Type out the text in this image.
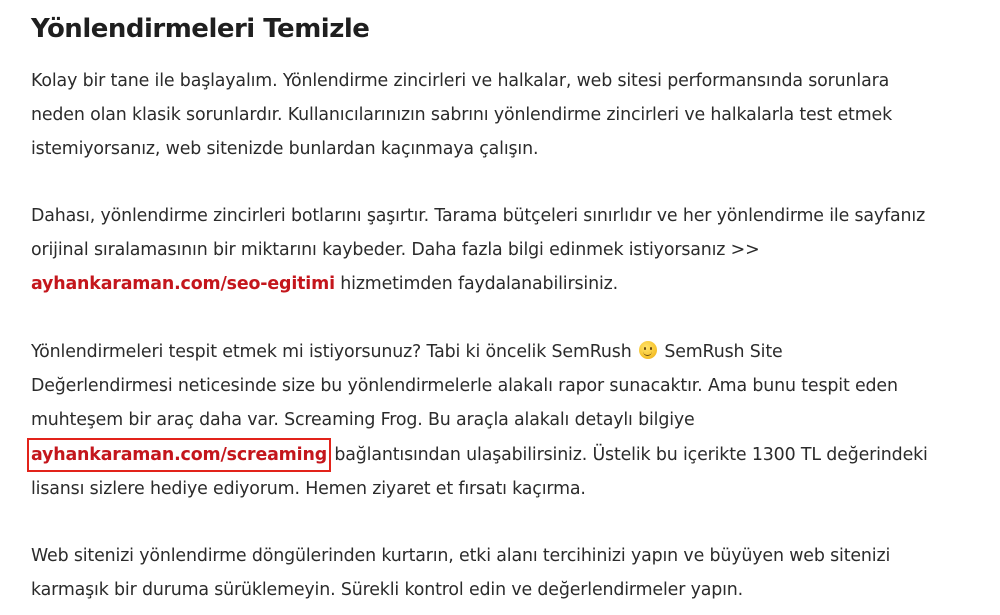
Yönlendirmeleri Temizle

Kolay bir tane ile başlayalım. Yönlendirme zincirleri ve halkalar, web sitesi performansında sorunlara
neden olan klasik sorunlardır. Kullanıcılarınızın sabrını yönlendirme zincirleri ve halkalarla test etmek
istemiyorsanız, web sitenizde bunlardan kaçınmaya çalışın.

Dahası, yönlendirme zincirleri botlarını şaşırtır. Tarama bütçeleri sınırlıdır ve her yönlendirme ile sayfanız
orijinal sıralamasının bir miktarını kaybeder. Daha fazla bilgi edinmek istiyorsanız >>
ayhankaraman.com/seo-egitimi hizmetimden faydalanabilirsiniz.

Yönlendirmeleri tespit etmek mi istiyorsunuz? Tabi ki öncelik SemRush
SemRush Site
Değerlendirmesi neticesinde size bu yönlendirmelerle alakalı rapor sunacaktır. Ama bunu tespit eden
muhteşem bir araç daha var. Screaming Frog. Bu araçla alakalı detaylı bilgiye
ayhankaraman.com/screaming bağlantısından ulaşabilirsiniz. Üstelik bu içerikte 1300 TL değerindeki
lisansı sizlere hediye ediyorum. Hemen ziyaret et fırsatı kaçırma.

Web sitenizi yönlendirme döngülerinden kurtarın, etki alanı tercihinizi yapın ve büyüyen web sitenizi
karmaşık bir duruma sürüklemeyin. Sürekli kontrol edin ve değerlendirmeler yapın.
